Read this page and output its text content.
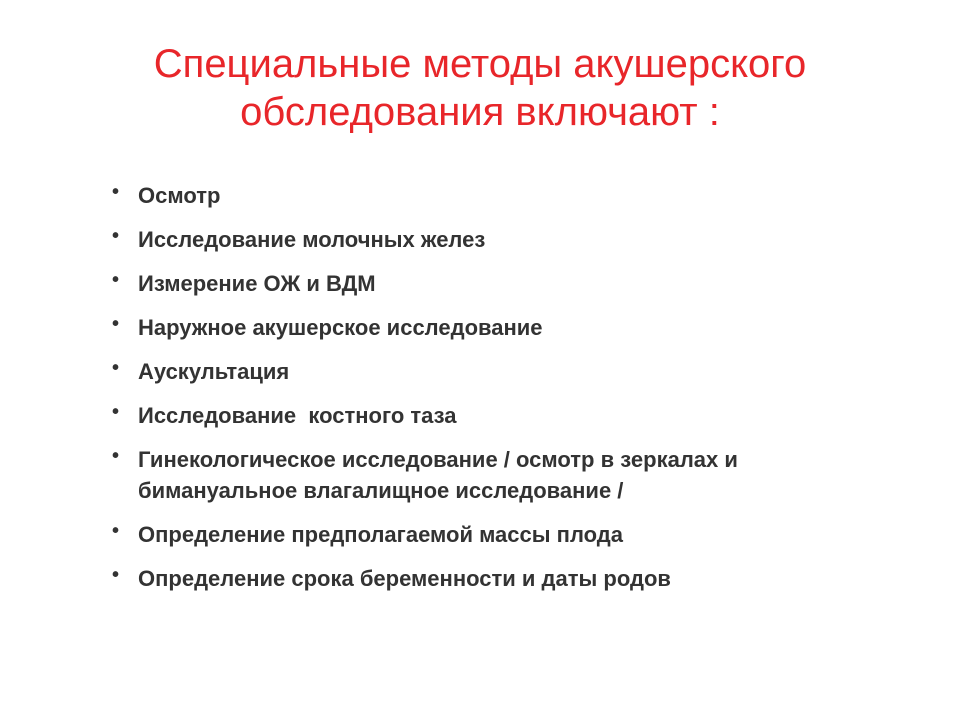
Специальные методы акушерского
обследования включают :
• Осмотр
• Исследование молочных желез
• Измерение ОЖ и ВДМ
• Наружное акушерское исследование
• Аускультация
• Исследование  костного таза
• Гинекологическое исследование / осмотр в зеркалах и бимануальное влагалищное исследование /
• Определение предполагаемой массы плода
• Определение срока беременности и даты родов
